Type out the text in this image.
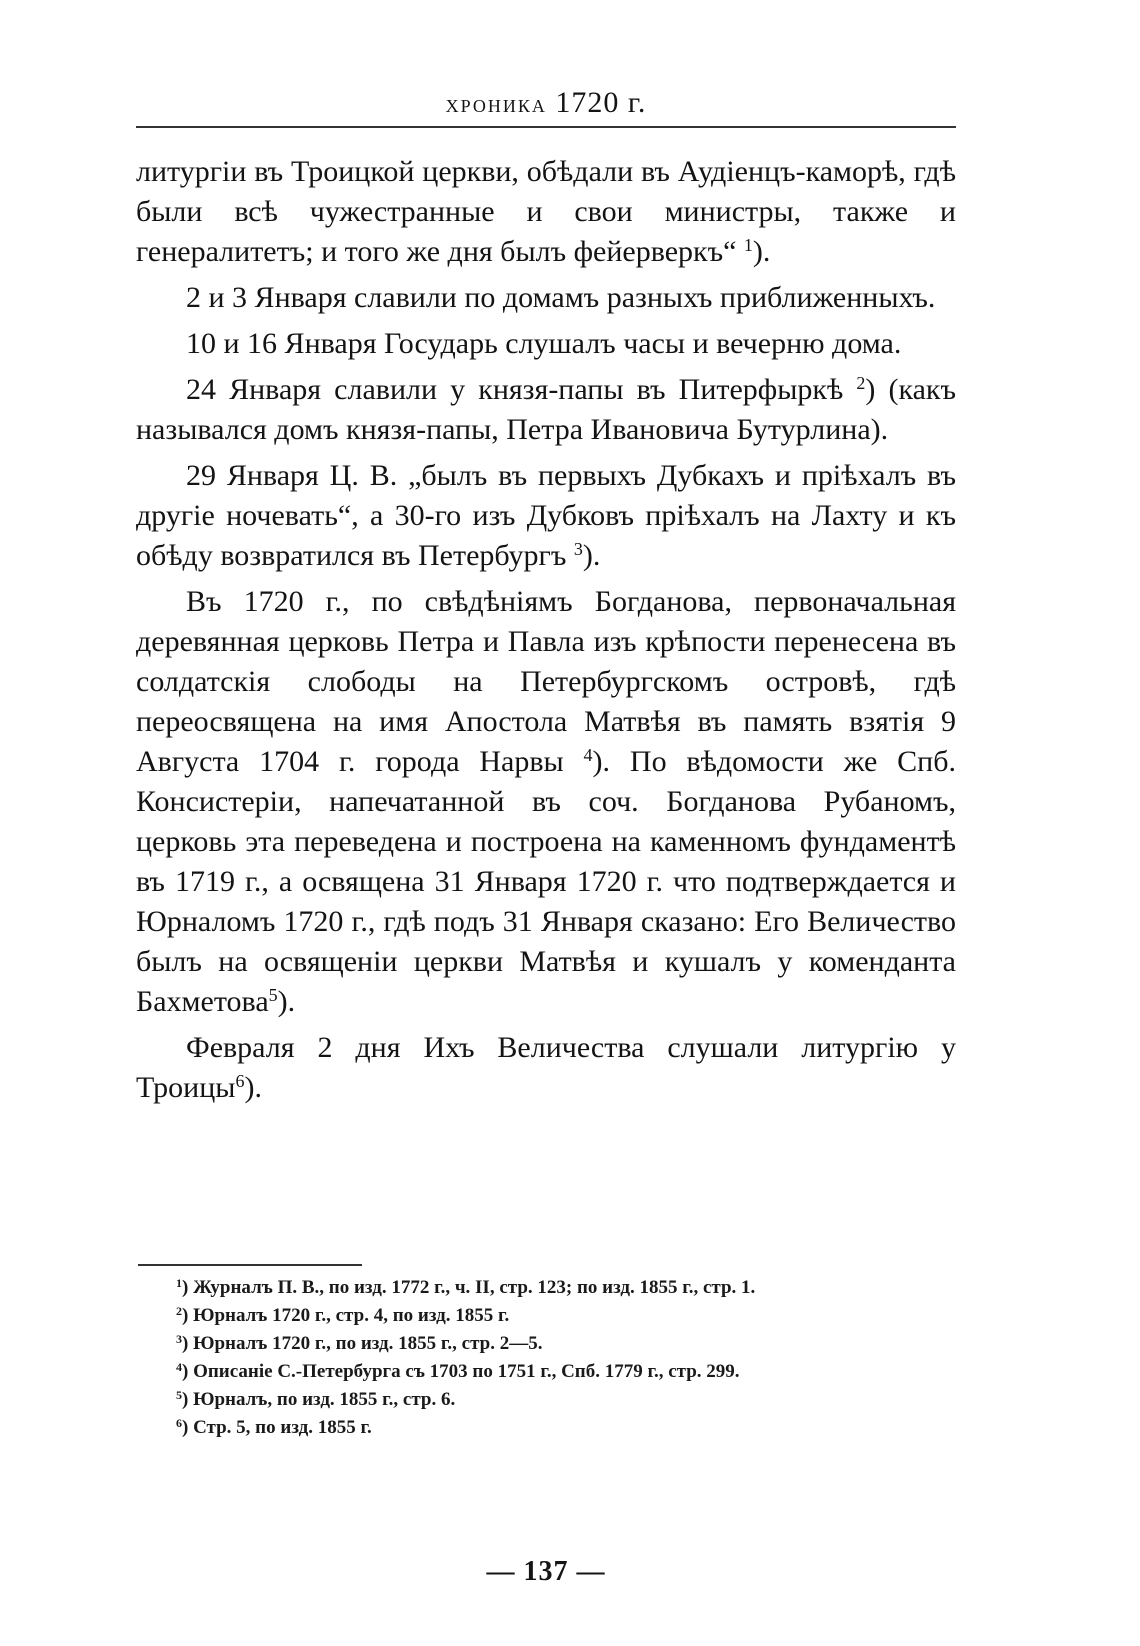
хроника 1720 г.

литургіи въ Троицкой церкви, обѣдали въ Аудіенцъ-каморѣ, гдѣ были всѣ чужестранные и свои министры, также и генералитетъ; и того же дня былъ фейерверкъ“ $^1$).

2 и 3 Января славили по домамъ разныхъ приближенныхъ.

10 и 16 Января Государь слушалъ часы и вечерню дома.

24 Января славили у князя-папы въ Питерфыркѣ $^2$) (какъ назывался домъ князя-папы, Петра Ивановича Бутурлина).

29 Января Ц. В. „былъ въ первыхъ Дубкахъ и пріѣхалъ въ другіе ночевать“, а 30-го изъ Дубковъ пріѣхалъ на Лахту и къ обѣду возвратился въ Петербургъ $^3$).

Въ 1720 г., по свѣдѣніямъ Богданова, первоначальная деревянная церковь Петра и Павла изъ крѣпости перенесена въ солдатскія слободы на Петербургскомъ островѣ, гдѣ переосвящена на имя Апостола Матвѣя въ память взятія 9 Августа 1704 г. города Нарвы $^4$). По вѣдомости же Спб. Консистеріи, напечатанной въ соч. Богданова Рубаномъ, церковь эта переведена и построена на каменномъ фундаментѣ въ 1719 г., а освящена 31 Января 1720 г. что подтверждается и Юрналомъ 1720 г., гдѣ подъ 31 Января сказано: Его Величество былъ на освященіи церкви Матвѣя и кушалъ у коменданта Бахметова$^5$).

Февраля 2 дня Ихъ Величества слушали литургію у Троицы$^6$).

$^1$) Журналъ П. В., по изд. 1772 г., ч. II, стр. 123; по изд. 1855 г., стр. 1.
$^2$) Юрналъ 1720 г., стр. 4, по изд. 1855 г.
$^3$) Юрналъ 1720 г., по изд. 1855 г., стр. 2—5.
$^4$) Описаніе С.-Петербурга съ 1703 по 1751 г., Спб. 1779 г., стр. 299.
$^5$) Юрналъ, по изд. 1855 г., стр. 6.
$^6$) Стр. 5, по изд. 1855 г.
— 137 —
